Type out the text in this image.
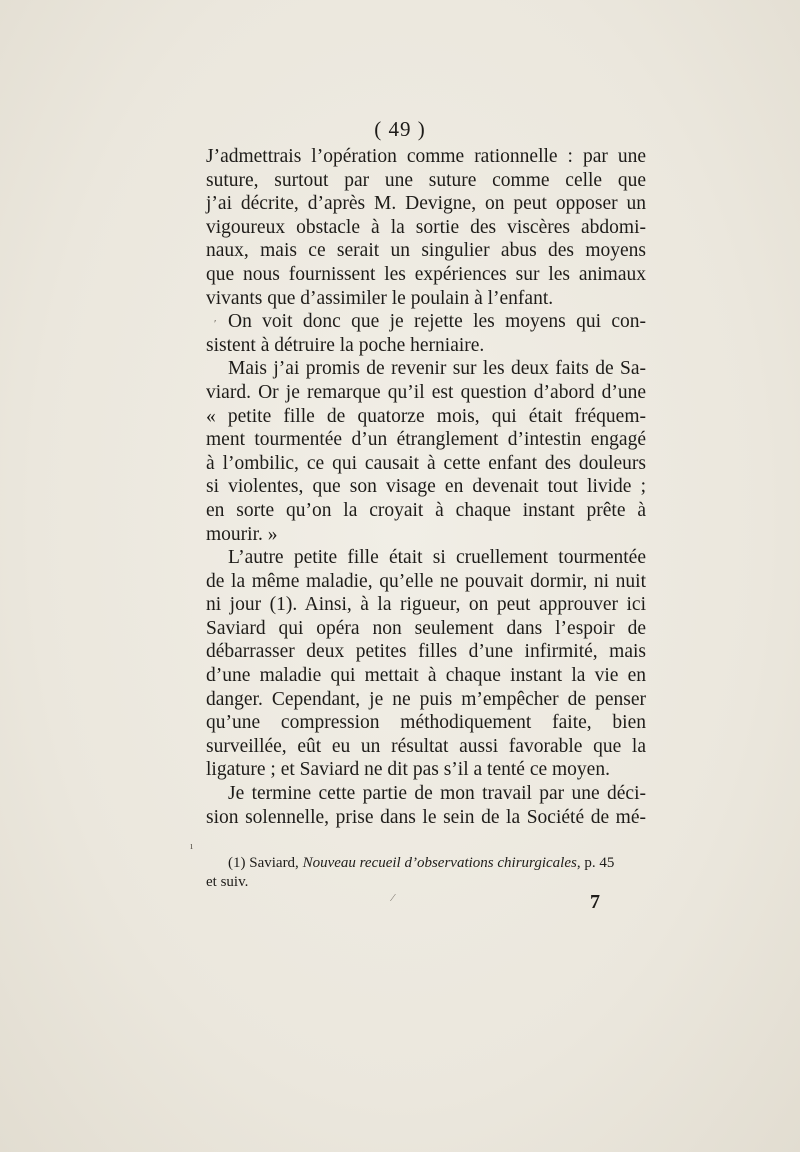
( 49 )
J’admettrais l’opération comme rationnelle : par une
suture, surtout par une suture comme celle que
j’ai décrite, d’après M. Devigne, on peut opposer un
vigoureux obstacle à la sortie des viscères abdomi-
naux, mais ce serait un singulier abus des moyens
que nous fournissent les expériences sur les animaux
vivants que d’assimiler le poulain à l’enfant.
On voit donc que je rejette les moyens qui con-
sistent à détruire la poche herniaire.
Mais j’ai promis de revenir sur les deux faits de Sa-
viard. Or je remarque qu’il est question d’abord d’une
« petite fille de quatorze mois, qui était fréquem-
ment tourmentée d’un étranglement d’intestin engagé
à l’ombilic, ce qui causait à cette enfant des douleurs
si violentes, que son visage en devenait tout livide ;
en sorte qu’on la croyait à chaque instant prête à
mourir. »
L’autre petite fille était si cruellement tourmentée
de la même maladie, qu’elle ne pouvait dormir, ni nuit
ni jour (1). Ainsi, à la rigueur, on peut approuver ici
Saviard qui opéra non seulement dans l’espoir de
débarrasser deux petites filles d’une infirmité, mais
d’une maladie qui mettait à chaque instant la vie en
danger. Cependant, je ne puis m’empêcher de penser
qu’une compression méthodiquement faite, bien
surveillée, eût eu un résultat aussi favorable que la
ligature ; et Saviard ne dit pas s’il a tenté ce moyen.
Je termine cette partie de mon travail par une déci-
sion solennelle, prise dans le sein de la Société de mé-
(1) Saviard, Nouveau recueil d’observations chirurgicales, p. 45
et suiv.
7
ʹ
ı
⁄
